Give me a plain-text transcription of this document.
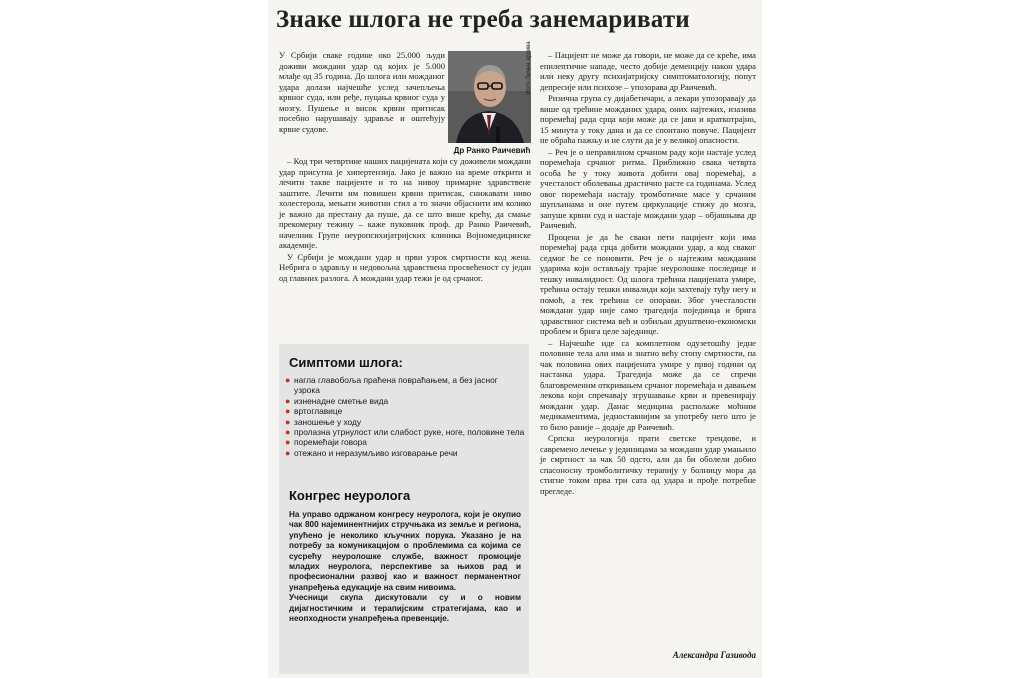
Знаке шлога не треба занемаривати

У Србији сваке године око 25.000 људи доживи мождани удар од којих је 5.000 млађе од 35 година. До шлога или можданог удара долази најчешће услед зачепљења крвног суда, или ређе, пуцања крвног суда у мозгу. Пушење и висок крвни притисак посебно нарушавају здравље и оштећују крвне судове.

Фото Лична архива
Др Ранко Раичевић

– Код три четвртине наших пацијената који су доживели мождани удар присутна је хипертензија. Јако је важно на време открити и лечити такве пацијенте и то на нивоу примарне здравствене заштите. Лечити им повишен крвни притисак, снижавати ниво холестерола, мењати животни стил а то значи објаснити им колико је важно да престану да пуше, да се што више крећу, да смање прекомерну тежину – каже пуковник проф. др Ранко Раичевић, начелник Групе неуропсихијатријских клиника Војномедицинске академије.

У Србији је мождани удар и први узрок смртности код жена. Небрига о здрављу и недовољна здравствена просвећеност су један од главних разлога. А мождани удар тежи је од срчаног.

Симптоми шлога:
● нагла главобоља праћена повраћањем, а без јасног узрока
● изненадне сметње вида
● вртоглавице
● заношење у ходу
● пролазна утрнулост или слабост руке, ноге, половине тела
● поремећаји говора
● отежано и неразумљиво изговарање речи
Конгрес неуролога

На управо одржаном конгресу неуролога, који је окупио чак 800 најеминентнијих стручњака из земље и региона, упућено је неколико кључних порука. Указано је на потребу за комуникацијом о проблемима са којима се сусрећу неуролошке службе, важност промоције младих неуролога, перспективе за њихов рад и професионални развој као и важност перманентног унапређења едукације на свим нивоима.

Учесници скупа дискутовали су и о новим дијагностичким и терапијским стратегијама, као и неопходности унапређења превенције.

– Пацијент не може да говори, не може да се креће, има епилептичне нападе, често добије деменцију након удара или неку другу психијатријску симптоматологију, попут депресије или психозе – упозорава др Раичевић.

Ризична група су дијабетичари, а лекари упозоравају да више од трећине можданих удара, оних најтежих, изазива поремећај рада срца који може да се јави и краткотрајно, 15 минута у току дана и да се спонтано повуче. Пацијент не обраћа пажњу и не слути да је у великој опасности.

– Реч је о неправилном срчаном раду који настаје услед поремећаја срчаног ритма. Приближно свака четврта особа ће у току живота добити овај поремећај, а учесталост оболевања драстично расте са годинама. Услед овог поремећаја настају тромботичне масе у срчаним шупљинама и оне путем циркулације стижу до мозга, запуше крвни суд и настаје мождани удар – објашњава др Раичевић.

Процена је да ће сваки пети пацијент који има поремећај рада срца добити мождани удар, а код сваког седмог ће се поновити. Реч је о најтежим можданим ударима који остављају трајне неуролошке последице и тешку инвалидност. Од шлога трећина пацијената умире, трећина остају тешки инвалиди који захтевају туђу негу и помоћ, а тек трећина се опорави. Због учесталости мождани удар није само трагедија појединца и брига здравствног система већ и озбиљан друштвено-економски проблем и брига целе заједнице.

– Најчешће иде са комплетном одузетошћу једне половине тела али има и знатно већу стопу смртности, па чак половина ових пацијената умире у првој години од настанка удара. Трагедија може да се спречи благовременим откривањем срчаног поремећаја и давањем лекова који спречавају згрушавање крви и превенирају мождани удар. Данас медицина располаже моћним медикаментима, једноставнијим за употребу него што је то било раније – додаје др Раичевић.

Српска неурологија прати светске трендове, и савремено лечење у јединицама за мождани удар умањило је смртност за чак 50 одсто, али да би оболели добио спасоносну тромболитичку терапију у болницу мора да стигне током прва три сата од удара и прође потребне прегледе.

Александра Газивода
